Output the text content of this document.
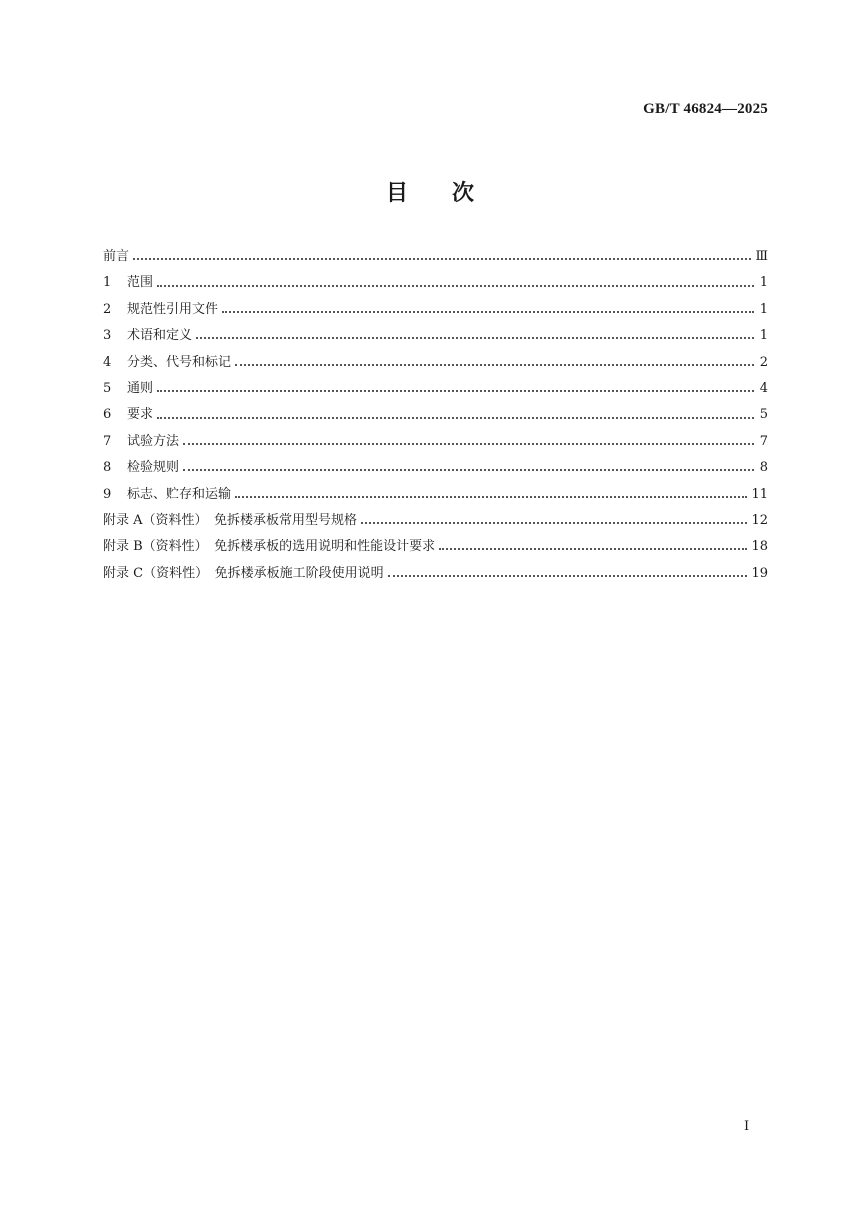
GB/T 46824—2025
目 次
前言	Ⅲ
1	范围	1
2	规范性引用文件	1
3	术语和定义	1
4	分类、代号和标记	2
5	通则	4
6	要求	5
7	试验方法	7
8	检验规则	8
9	标志、贮存和运输	11
附录 A（资料性）　免拆楼承板常用型号规格	12
附录 B（资料性）　免拆楼承板的选用说明和性能设计要求	18
附录 C（资料性）　免拆楼承板施工阶段使用说明	19
Ⅰ
